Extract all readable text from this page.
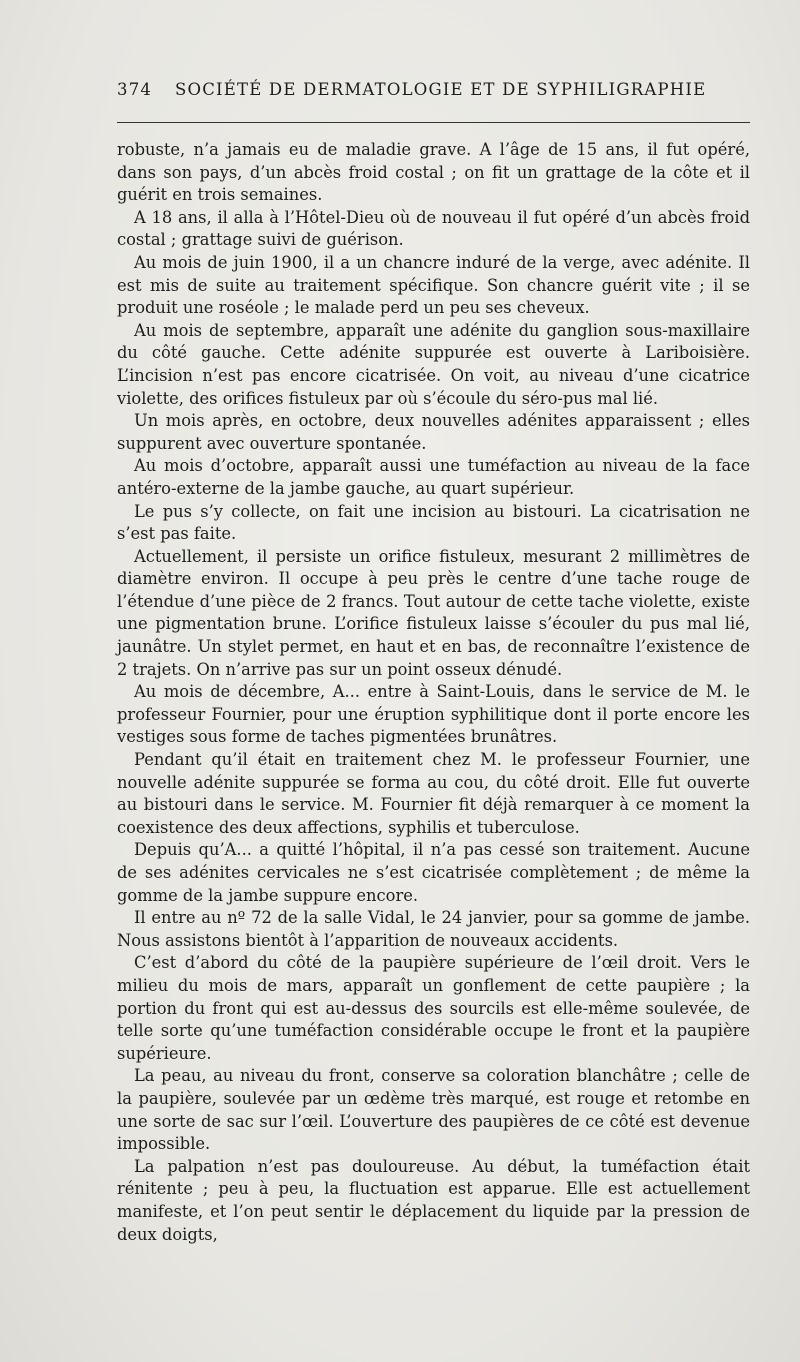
374 SOCIÉTÉ DE DERMATOLOGIE ET DE SYPHILIGRAPHIE

robuste, n’a jamais eu de maladie grave. A l’âge de 15 ans, il fut opéré, dans son pays, d’un abcès froid costal ; on fit un grattage de la côte et il guérit en trois semaines.

A 18 ans, il alla à l’Hôtel-Dieu où de nouveau il fut opéré d’un abcès froid costal ; grattage suivi de guérison.

Au mois de juin 1900, il a un chancre induré de la verge, avec adénite. Il est mis de suite au traitement spécifique. Son chancre guérit vite ; il se produit une roséole ; le malade perd un peu ses cheveux.

Au mois de septembre, apparaît une adénite du ganglion sous-maxillaire du côté gauche. Cette adénite suppurée est ouverte à Lariboisière. L’incision n’est pas encore cicatrisée. On voit, au niveau d’une cicatrice violette, des orifices fistuleux par où s’écoule du séro-pus mal lié.

Un mois après, en octobre, deux nouvelles adénites apparaissent ; elles suppurent avec ouverture spontanée.

Au mois d’octobre, apparaît aussi une tuméfaction au niveau de la face antéro-externe de la jambe gauche, au quart supérieur.

Le pus s’y collecte, on fait une incision au bistouri. La cicatrisation ne s’est pas faite.

Actuellement, il persiste un orifice fistuleux, mesurant 2 millimètres de diamètre environ. Il occupe à peu près le centre d’une tache rouge de l’étendue d’une pièce de 2 francs. Tout autour de cette tache violette, existe une pigmentation brune. L’orifice fistuleux laisse s’écouler du pus mal lié, jaunâtre. Un stylet permet, en haut et en bas, de reconnaître l’existence de 2 trajets. On n’arrive pas sur un point osseux dénudé.

Au mois de décembre, A... entre à Saint-Louis, dans le service de M. le professeur Fournier, pour une éruption syphilitique dont il porte encore les vestiges sous forme de taches pigmentées brunâtres.

Pendant qu’il était en traitement chez M. le professeur Fournier, une nouvelle adénite suppurée se forma au cou, du côté droit. Elle fut ouverte au bistouri dans le service. M. Fournier fit déjà remarquer à ce moment la coexistence des deux affections, syphilis et tuberculose.

Depuis qu’A... a quitté l’hôpital, il n’a pas cessé son traitement. Aucune de ses adénites cervicales ne s’est cicatrisée complètement ; de même la gomme de la jambe suppure encore.

Il entre au nº 72 de la salle Vidal, le 24 janvier, pour sa gomme de jambe. Nous assistons bientôt à l’apparition de nouveaux accidents.

C’est d’abord du côté de la paupière supérieure de l’œil droit. Vers le milieu du mois de mars, apparaît un gonflement de cette paupière ; la portion du front qui est au-dessus des sourcils est elle-même soulevée, de telle sorte qu’une tuméfaction considérable occupe le front et la paupière supérieure.

La peau, au niveau du front, conserve sa coloration blanchâtre ; celle de la paupière, soulevée par un œdème très marqué, est rouge et retombe en une sorte de sac sur l’œil. L’ouverture des paupières de ce côté est devenue impossible.

La palpation n’est pas douloureuse. Au début, la tuméfaction était rénitente ; peu à peu, la fluctuation est apparue. Elle est actuellement manifeste, et l’on peut sentir le déplacement du liquide par la pression de deux doigts,
